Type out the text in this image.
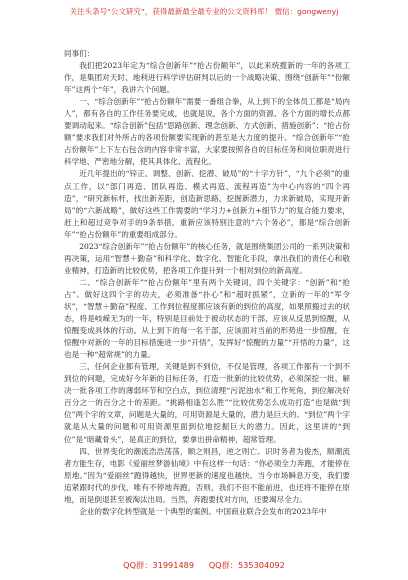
关注头条号“公文研究”，获得最新最全最专业的公文资料库！ 微信：gongwenyj

同事们：

我们把2023年定为“综合创新年”“抢占份额年”，以此来统揽新的一年的各项工作，是集团对天时、地利进行科学评估研判以后的一个战略决策、围绕“创新年”“份额年”这两个“年”，我讲六个问题。

一、“综合创新年”“抢占份额年”需要一番组合拳，从上到下的全体员工都是“局内人”，都有各自的工作任务要完成，也就是说，各个方面的资源、各个方面的增长点都要调动起来。“综合创新”包括“思路创新、理念创新、方式创新、措施创新”；“抢占份额”要求我们对外所占的各项份额要实现新的甚至是大力度的提升。“综合创新年”“抢占份额年”上下左右包含的内容非常丰富，大家要按照各自的目标任务和岗位职责进行科学地、严密地分解，使其具体化、流程化。

近几年提出的“锌正、调整、创新、挖潜、破局”的“十字方针”，“九个必须”的重点工作，以“部门再造、团队再造、模式再造、流程再造”为中心内容的“四个再造”，“研究新标杆，找出新差距，创造新思路，挖掘新潜力，力求新破局，实现开新局”的“六新战略”，做好这些工作需要的“学习力+创新力+细节力”的复合能力要求，赶上和超过竞争对手的9条举措，重新应该特别注意的“六个务必”，都是“综合创新年”“抢占份额年”的重要组成部分。

2023“综合创新年”“抢占份额年”的核心任务，就是围绕集团公司的一系列决策和再决策，运用“智慧＋勤奋”和科学化、数字化、智能化手段，拿出我们的责任心和敬业精神，打造新的比较优势，把各项工作提升到一个相对到位的新高度。

二、“综合创新年”“抢占份额年”里有两个关键词，四个关键字：“创新”和“抢占”。做好这四个字的功夫，必须准备“扑心”和“超时抓紧”，立新的一年的“军令状”，“智慧＋勤奋”程度、工作到位程度都应该有新的到位的高度，如果照搬过去的状态，将是岐嵘无为的一年，特别是目前处于被动状态的干部，应该从反思到惊醒，从惊醒变成具体的行动。从上到下的每一名干部，应该面对当前的形势进一步惊醒，在惊醒中对新的一年的目标措施进一步“开悟”，发挥好“惊醒的力量”“开悟的力量”，这也是一种“超常规”的力量。

三、任何企业都有管理，关键是到不到位，不仅是管理，各项工作都有一个到不到位的问题，完成好今年新的目标任务，打造一批新的比较优势，必须深挖一批、解决一批各项工作的薄弱环节和空白点，到位清理“污泥浊水”和工作死角，到位解决好百分之一的百分之十的差距。“挑路相逢怎么胜”“比较优势怎么成功打造”也是做“到位”两个字的文章，问题是大量的，可用资源是大量的，潜力是巨大的。“到位”两个字就是从大量的问题和可用资源里面到位地挖掘巨大的潜力。因此，这里讲的“到位”是“暗藏骨头”，是真正的到位，要拿出拼命精神，超常管理。

四、世界变化的潮流浩浩荡荡，顺之则昌，逆之则亡。识时务者为俊杰，顺潮流者方能生存，电影《爱丽丝梦游仙境》中有这样一句话：“你必须全力奔跑，才能停在原地。”因为“爱丽丝”跑得越快，世界更新的速度也越快。当今市场瞬息万变，我们要追紧跟时代的步伐，唯有不停地奔跑，否则，我们不但不能前进，也还将不能停在原地，而是倒退甚至被淘汰出局。当然，奔跑要找对方向，还要竭尽全力。

企业的数字化转型就是一个典型的案例。中国商业联合会发布的2023年中

QQ群：31991489 QQ群：535304092
